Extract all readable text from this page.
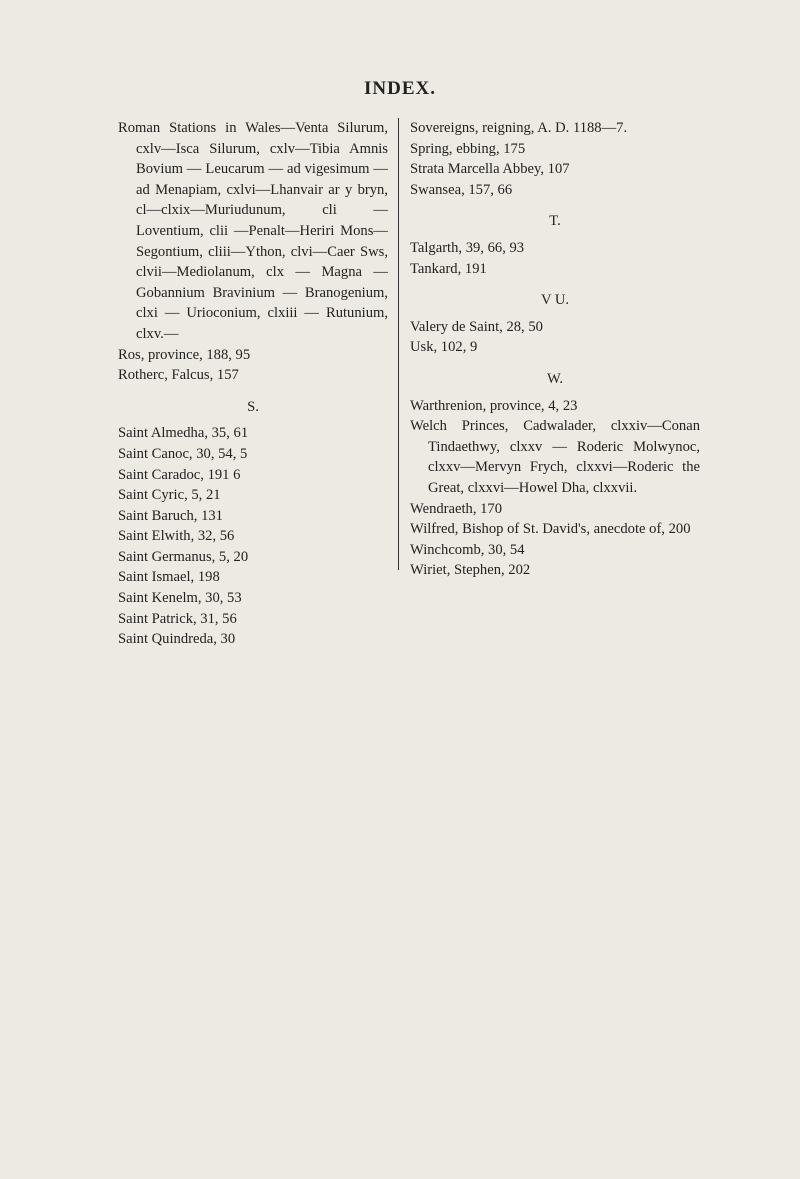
INDEX.
Roman Stations in Wales—Venta Silurum, cxlv—Isca Silurum, cxlv—Tibia Amnis Bovium — Leucarum — ad vigesimum — ad Menapiam, cxlvi—Lhanvair ar y bryn, cl—clxix—Muriudunum, cli — Loventium, clii —Penalt—Heriri Mons—Segontium, cliii—Ython, clvi—Caer Sws, clvii—Mediolanum, clx — Magna — Gobannium Bravinium — Branogenium, clxi — Urioconium, clxiii — Rutunium, clxv.—
Ros, province, 188, 95
Rotherc, Falcus, 157
S.
Saint Almedha, 35, 61
Saint Canoc, 30, 54, 5
Saint Caradoc, 191 6
Saint Cyric, 5, 21
Saint Baruch, 131
Saint Elwith, 32, 56
Saint Germanus, 5, 20
Saint Ismael, 198
Saint Kenelm, 30, 53
Saint Patrick, 31, 56
Saint Quindreda, 30
Sovereigns, reigning, A. D. 1188—7.
Spring, ebbing, 175
Strata Marcella Abbey, 107
Swansea, 157, 66
T.
Talgarth, 39, 66, 93
Tankard, 191
V U.
Valery de Saint, 28, 50
Usk, 102, 9
W.
Warthrenion, province, 4, 23
Welch Princes, Cadwalader, clxxiv—Conan Tindaethwy, clxxv — Roderic Molwynoc, clxxv—Mervyn Frych, clxxvi—Roderic the Great, clxxvi—Howel Dha, clxxvii.
Wendraeth, 170
Wilfred, Bishop of St. David's, anecdote of, 200
Winchcomb, 30, 54
Wiriet, Stephen, 202
